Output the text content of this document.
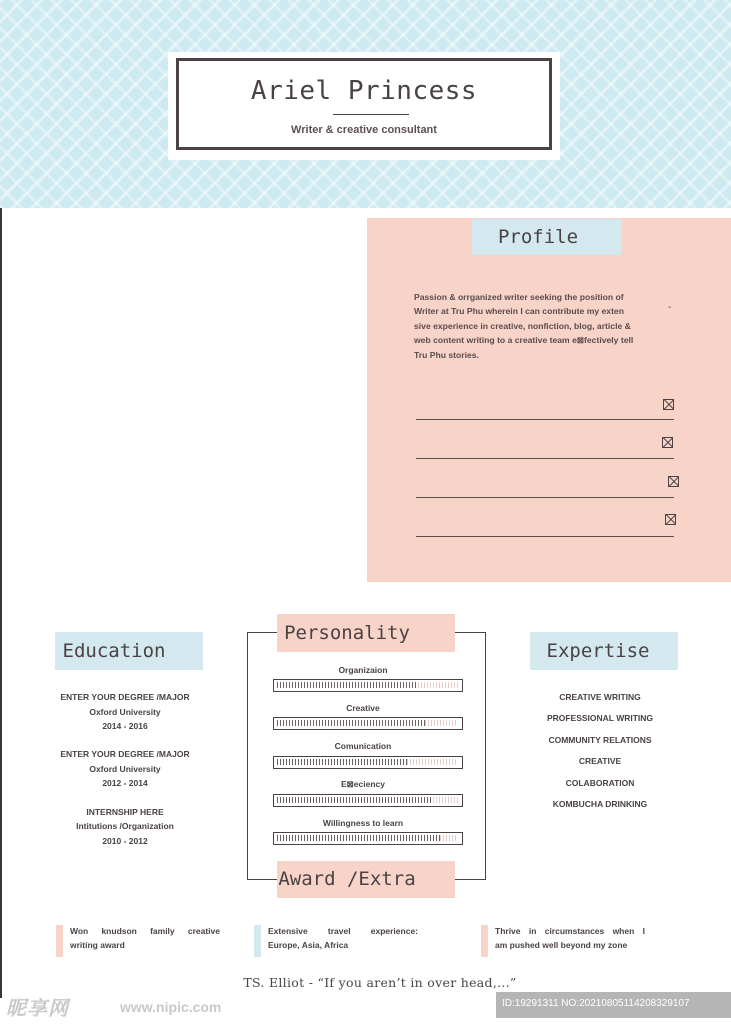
Ariel Princess
Writer & creative consultant
Profile
Passion & orrganized writer seeking the position of
Writer at Tru Phu wherein I can contribute my exten
sive experience in creative, nonfiction, blog, article &
web content writing to a creative team e⊠fectively tell
Tru Phu stories.
-
Education
ENTER YOUR DEGREE /MAJOR
Oxford University
2014 - 2016
ENTER YOUR DEGREE /MAJOR
Oxford University
2012 - 2014
INTERNSHIP HERE
Intitutions /Organization
2010 - 2012
Personality
Organizaion
Creative
Comunication
E⊠eciency
Willingness to learn
Award /Extra
Expertise
CREATIVE WRITING
PROFESSIONAL WRITING
COMMUNITY RELATIONS
CREATIVE
COLABORATION
KOMBUCHA DRINKING
Won knudson family creative
writing award
Extensive travel experience:
Europe, Asia, Africa
Thrive in circumstances when I
am pushed well beyond my zone
TS. Elliot - “If you aren’t in over head,...”
昵享网	www.nipic.com	ID:19291311 NO:20210805114208329107
